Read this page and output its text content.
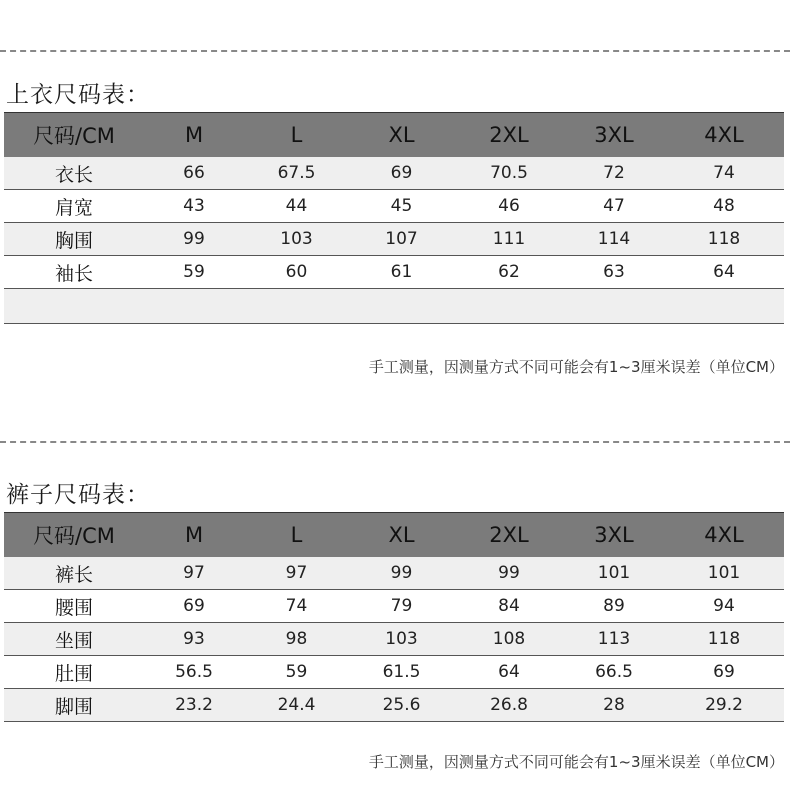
上衣尺码表：
尺码/CM	M	L	XL	2XL	3XL	4XL
衣长	66	67.5	69	70.5	72	74
肩宽	43	44	45	46	47	48
胸围	99	103	107	111	114	118
袖长	59	60	61	62	63	64

手工测量，因测量方式不同可能会有1~3厘米误差（单位CM）
裤子尺码表：
尺码/CM	M	L	XL	2XL	3XL	4XL
裤长	97	97	99	99	101	101
腰围	69	74	79	84	89	94
坐围	93	98	103	108	113	118
肚围	56.5	59	61.5	64	66.5	69
脚围	23.2	24.4	25.6	26.8	28	29.2
手工测量，因测量方式不同可能会有1~3厘米误差（单位CM）
